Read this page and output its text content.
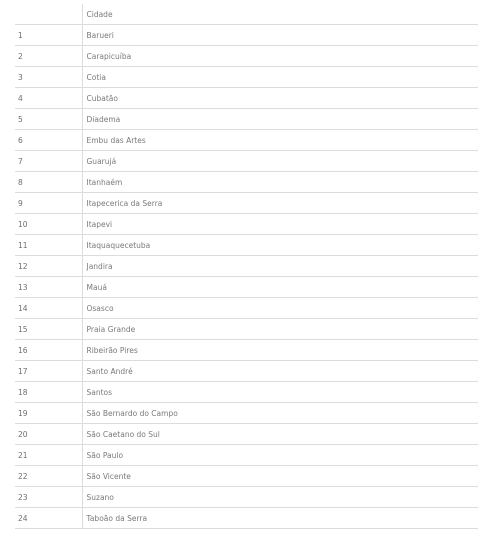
	Cidade
1	Barueri
2	Carapicuíba
3	Cotia
4	Cubatão
5	Diadema
6	Embu das Artes
7	Guarujá
8	Itanhaém
9	Itapecerica da Serra
10	Itapevi
11	Itaquaquecetuba
12	Jandira
13	Mauá
14	Osasco
15	Praia Grande
16	Ribeirão Pires
17	Santo André
18	Santos
19	São Bernardo do Campo
20	São Caetano do Sul
21	São Paulo
22	São Vicente
23	Suzano
24	Taboão da Serra
